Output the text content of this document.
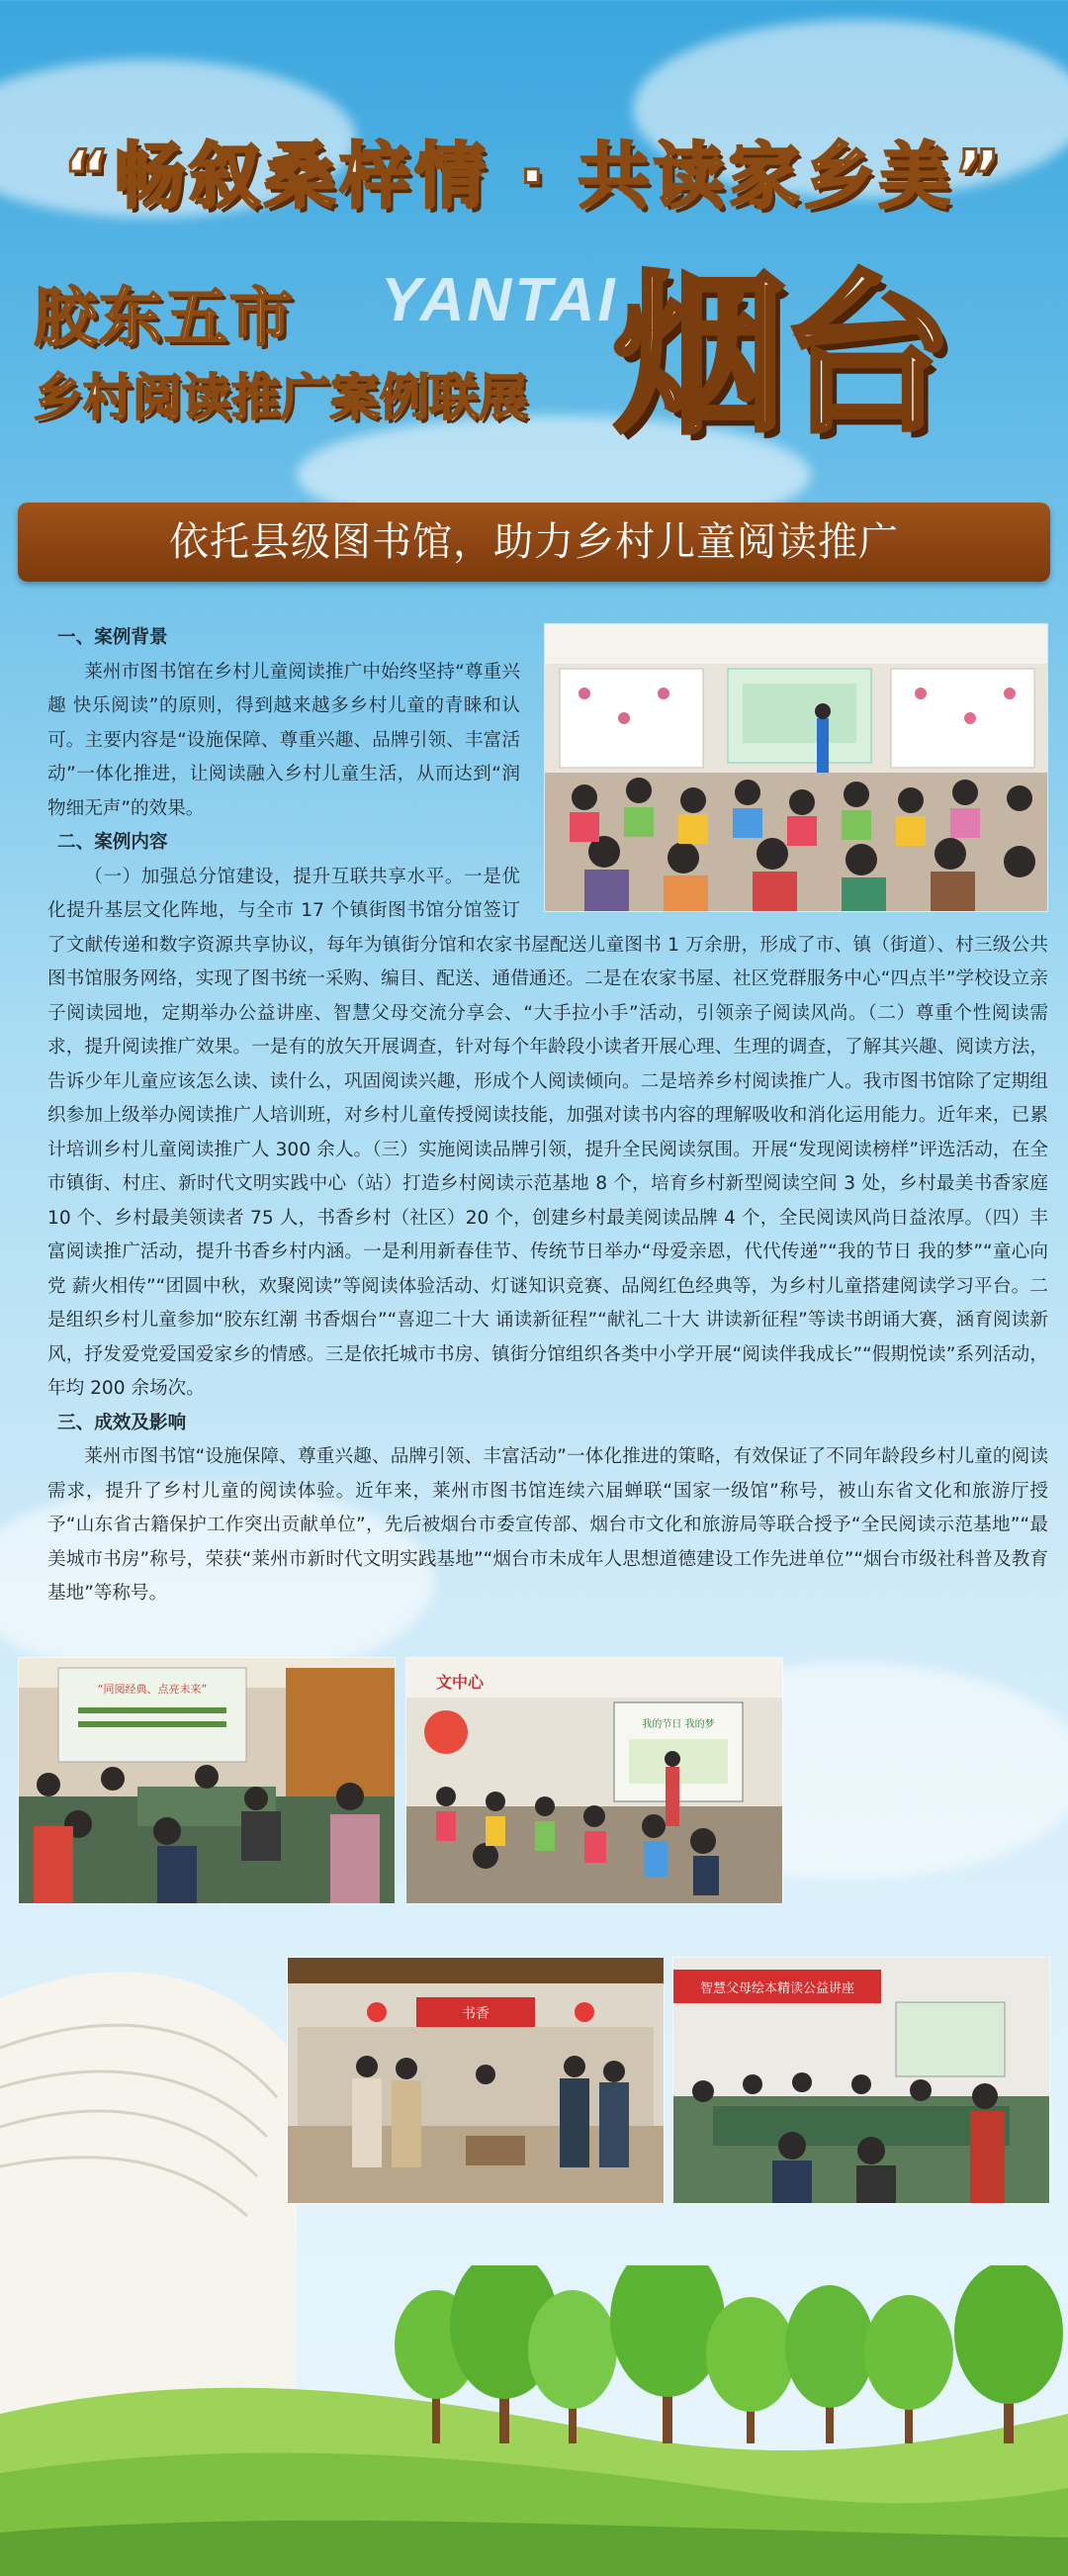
“畅叙桑梓情 · 共读家乡美”
胶东五市 YANTAI
乡村阅读推广案例联展 烟台
依托县级图书馆，助力乡村儿童阅读推广
一、案例背景

莱州市图书馆在乡村儿童阅读推广中始终坚持“尊重兴趣 快乐阅读”的原则，得到越来越多乡村儿童的青睐和认可。主要内容是“设施保障、尊重兴趣、品牌引领、丰富活动”一体化推进，让阅读融入乡村儿童生活，从而达到“润物细无声”的效果。

二、案例内容

（一）加强总分馆建设，提升互联共享水平。一是优化提升基层文化阵地，与全市 17 个镇街图书馆分馆签订了文献传递和数字资源共享协议，每年为镇街分馆和农家书屋配送儿童图书 1 万余册，形成了市、镇（街道）、村三级公共图书馆服务网络，实现了图书统一采购、编目、配送、通借通还。二是在农家书屋、社区党群服务中心“四点半”学校设立亲子阅读园地，定期举办公益讲座、智慧父母交流分享会、“大手拉小手”活动，引领亲子阅读风尚。（二）尊重个性阅读需求，提升阅读推广效果。一是有的放矢开展调查，针对每个年龄段小读者开展心理、生理的调查，了解其兴趣、阅读方法，告诉少年儿童应该怎么读、读什么，巩固阅读兴趣，形成个人阅读倾向。二是培养乡村阅读推广人。我市图书馆除了定期组织参加上级举办阅读推广人培训班，对乡村儿童传授阅读技能，加强对读书内容的理解吸收和消化运用能力。近年来，已累计培训乡村儿童阅读推广人 300 余人。（三）实施阅读品牌引领，提升全民阅读氛围。开展“发现阅读榜样”评选活动，在全市镇街、村庄、新时代文明实践中心（站）打造乡村阅读示范基地 8 个，培育乡村新型阅读空间 3 处，乡村最美书香家庭 10 个、乡村最美领读者 75 人，书香乡村（社区）20 个，创建乡村最美阅读品牌 4 个，全民阅读风尚日益浓厚。（四）丰富阅读推广活动，提升书香乡村内涵。一是利用新春佳节、传统节日举办“母爱亲恩，代代传递”“我的节日 我的梦”“童心向党 薪火相传”“团圆中秋，欢聚阅读”等阅读体验活动、灯谜知识竞赛、品阅红色经典等，为乡村儿童搭建阅读学习平台。二是组织乡村儿童参加“胶东红潮 书香烟台”“喜迎二十大 诵读新征程”“献礼二十大 讲读新征程”等读书朗诵大赛，涵育阅读新风，抒发爱党爱国爱家乡的情感。三是依托城市书房、镇街分馆组织各类中小学开展“阅读伴我成长”“假期悦读”系列活动，年均 200 余场次。

三、成效及影响

莱州市图书馆“设施保障、尊重兴趣、品牌引领、丰富活动”一体化推进的策略，有效保证了不同年龄段乡村儿童的阅读需求，提升了乡村儿童的阅读体验。近年来，莱州市图书馆连续六届蝉联“国家一级馆”称号，被山东省文化和旅游厅授予“山东省古籍保护工作突出贡献单位”，先后被烟台市委宣传部、烟台市文化和旅游局等联合授予“全民阅读示范基地”“最美城市书房”称号，荣获“莱州市新时代文明实践基地”“烟台市未成年人思想道德建设工作先进单位”“烟台市级社科普及教育基地”等称号。

“同阅经典、点亮未来”	文中心
我的节日 我的梦
书香
智慧父母绘本精读公益讲座
